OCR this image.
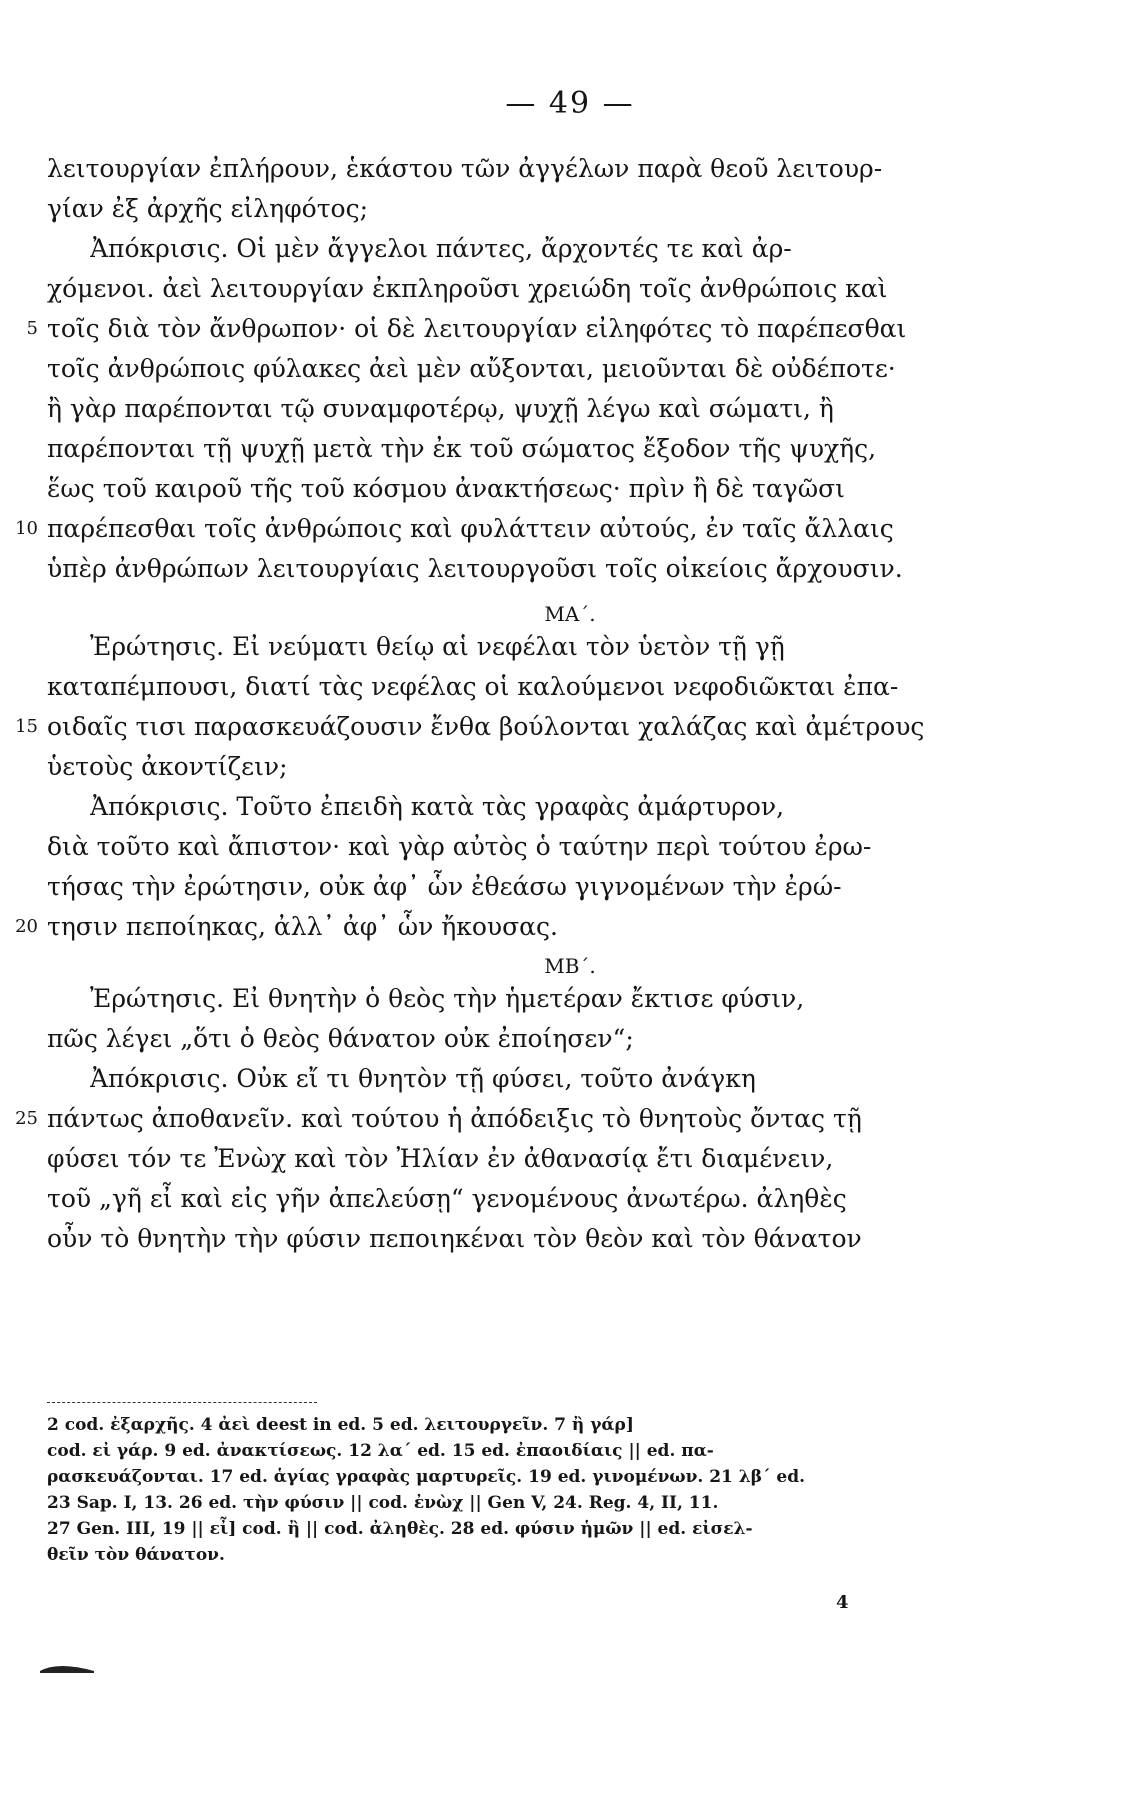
— 49 —
λειτουργίαν ἐπλήρουν, ἑκάστου τῶν ἀγγέλων παρὰ θεοῦ λειτουρ-
γίαν ἐξ ἀρχῆς εἰληφότος;
Ἀπόκρισις. Οἱ μὲν ἄγγελοι πάντες, ἄρχοντές τε καὶ ἀρ-
χόμενοι. ἀεὶ λειτουργίαν ἐκπληροῦσι χρειώδη τοῖς ἀνθρώποις καὶ
τοῖς διὰ τὸν ἄνθρωπον· οἱ δὲ λειτουργίαν εἰληφότες τὸ παρέπεσθαι
5
τοῖς ἀνθρώποις φύλακες ἀεὶ μὲν αὔξονται, μειοῦνται δὲ οὐδέποτε·
ἢ γὰρ παρέπονται τῷ συναμφοτέρῳ, ψυχῇ λέγω καὶ σώματι, ἢ
παρέπονται τῇ ψυχῇ μετὰ τὴν ἐκ τοῦ σώματος ἔξοδον τῆς ψυχῆς,
ἕως τοῦ καιροῦ τῆς τοῦ κόσμου ἀνακτήσεως· πρὶν ἢ δὲ ταγῶσι
παρέπεσθαι τοῖς ἀνθρώποις καὶ φυλάττειν αὐτούς, ἐν ταῖς ἄλλαις
10
ὑπὲρ ἀνθρώπων λειτουργίαις λειτουργοῦσι τοῖς οἰκείοις ἄρχουσιν.
ΜΑ΄.
Ἐρώτησις. Εἰ νεύματι θείῳ αἱ νεφέλαι τὸν ὑετὸν τῇ γῇ
καταπέμπουσι, διατί τὰς νεφέλας οἱ καλούμενοι νεφοδιῶκται ἐπα-
οιδαῖς τισι παρασκευάζουσιν ἔνθα βούλονται χαλάζας καὶ ἀμέτρους
15
ὑετοὺς ἀκοντίζειν;
Ἀπόκρισις. Τοῦτο ἐπειδὴ κατὰ τὰς γραφὰς ἀμάρτυρον,
διὰ τοῦτο καὶ ἄπιστον· καὶ γὰρ αὐτὸς ὁ ταύτην περὶ τούτου ἐρω-
τήσας τὴν ἐρώτησιν, οὐκ ἀφ᾽ ὧν ἐθεάσω γιγνομένων τὴν ἐρώ-
τησιν πεποίηκας, ἀλλ᾽ ἀφ᾽ ὧν ἤκουσας.
20
ΜΒ΄.
Ἐρώτησις. Εἰ θνητὴν ὁ θεὸς τὴν ἡμετέραν ἔκτισε φύσιν,
πῶς λέγει „ὅτι ὁ θεὸς θάνατον οὐκ ἐποίησεν“;
Ἀπόκρισις. Οὐκ εἴ τι θνητὸν τῇ φύσει, τοῦτο ἀνάγκη
πάντως ἀποθανεῖν. καὶ τούτου ἡ ἀπόδειξις τὸ θνητοὺς ὄντας τῇ
25
φύσει τόν τε Ἐνὼχ καὶ τὸν Ἠλίαν ἐν ἀθανασίᾳ ἔτι διαμένειν,
τοῦ „γῆ εἶ καὶ εἰς γῆν ἀπελεύσῃ“ γενομένους ἀνωτέρω. ἀληθὲς
οὖν τὸ θνητὴν τὴν φύσιν πεποιηκέναι τὸν θεὸν καὶ τὸν θάνατον
2 cod. ἐξαρχῆς. 4 ἀεὶ deest in ed. 5 ed. λειτουργεῖν. 7 ἢ γάρ]
cod. εἰ γάρ. 9 ed. ἀνακτίσεως. 12 λα΄ ed. 15 ed. ἐπαοιδίαις || ed. πα-
ρασκευάζονται. 17 ed. ἁγίας γραφὰς μαρτυρεῖς. 19 ed. γινομένων. 21 λβ΄ ed.
23 Sap. I, 13. 26 ed. τὴν φύσιν || cod. ἐνὼχ || Gen V, 24. Reg. 4, II, 11.
27 Gen. III, 19 || εἶ] cod. ἢ || cod. ἀληθὲς. 28 ed. φύσιν ἡμῶν || ed. εἰσελ-
θεῖν τὸν θάνατον.
4
